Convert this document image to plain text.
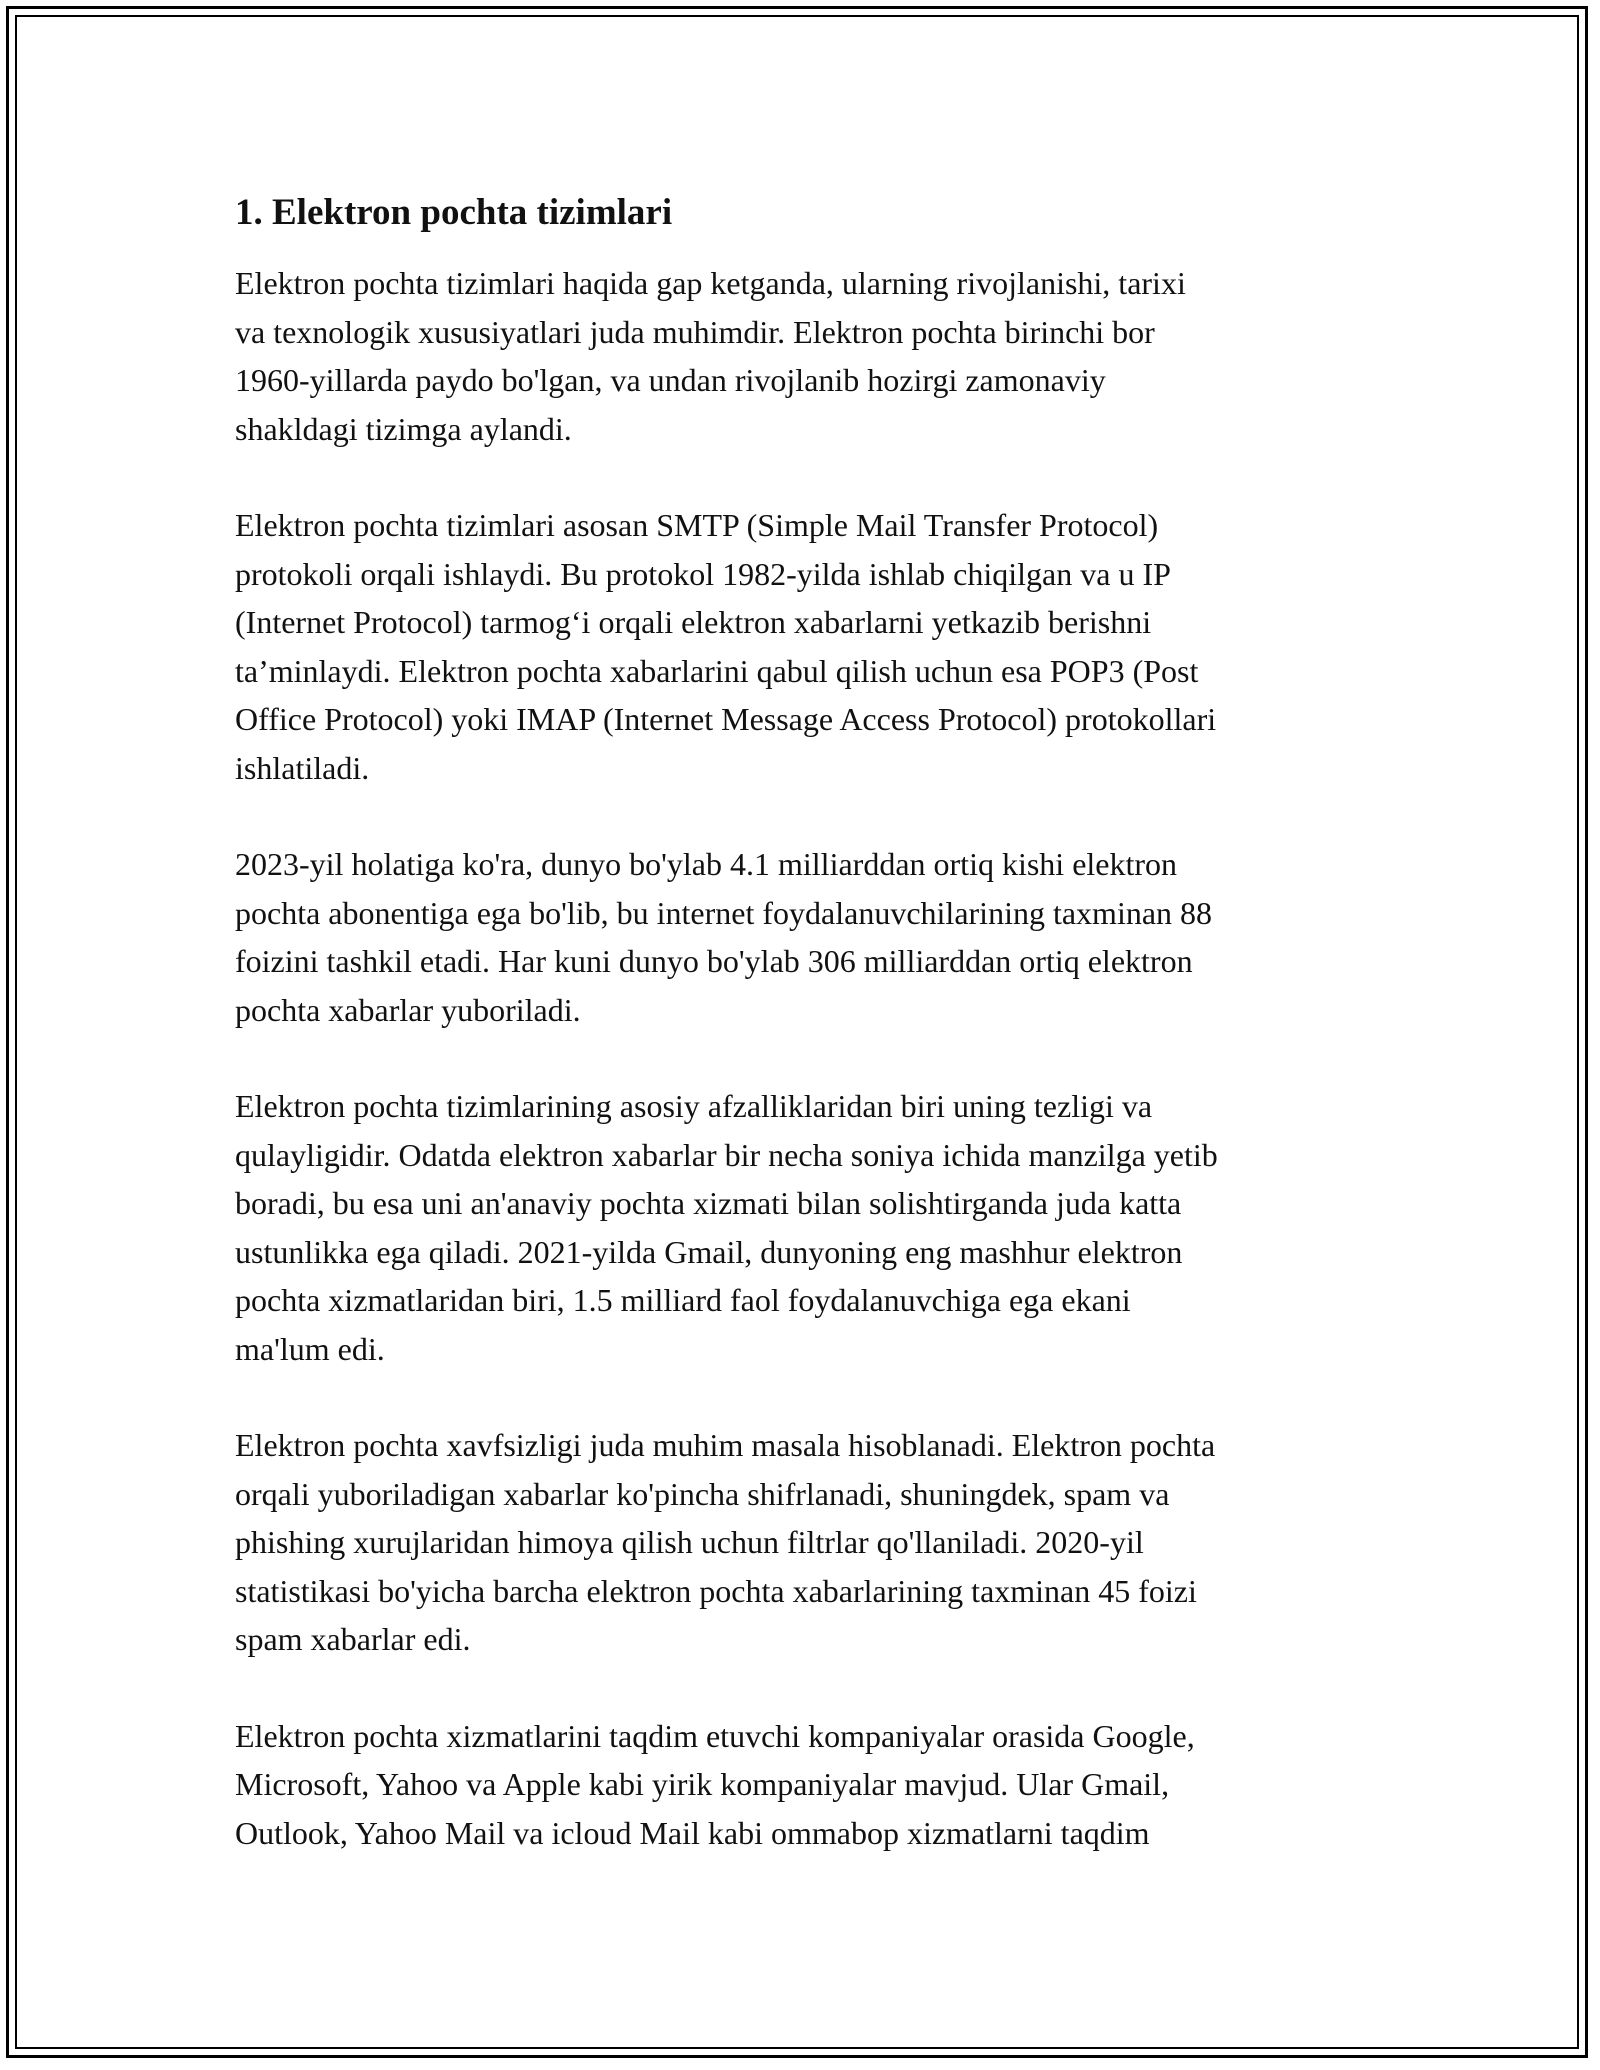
1. Elektron pochta tizimlari

Elektron pochta tizimlari haqida gap ketganda, ularning rivojlanishi, tarixi
va texnologik xususiyatlari juda muhimdir. Elektron pochta birinchi bor
1960-yillarda paydo bo'lgan, va undan rivojlanib hozirgi zamonaviy
shakldagi tizimga aylandi.

Elektron pochta tizimlari asosan SMTP (Simple Mail Transfer Protocol)
protokoli orqali ishlaydi. Bu protokol 1982-yilda ishlab chiqilgan va u IP
(Internet Protocol) tarmog‘i orqali elektron xabarlarni yetkazib berishni
ta’minlaydi. Elektron pochta xabarlarini qabul qilish uchun esa POP3 (Post
Office Protocol) yoki IMAP (Internet Message Access Protocol) protokollari
ishlatiladi.

2023-yil holatiga ko'ra, dunyo bo'ylab 4.1 milliarddan ortiq kishi elektron
pochta abonentiga ega bo'lib, bu internet foydalanuvchilarining taxminan 88
foizini tashkil etadi. Har kuni dunyo bo'ylab 306 milliarddan ortiq elektron
pochta xabarlar yuboriladi.

Elektron pochta tizimlarining asosiy afzalliklaridan biri uning tezligi va
qulayligidir. Odatda elektron xabarlar bir necha soniya ichida manzilga yetib
boradi, bu esa uni an'anaviy pochta xizmati bilan solishtirganda juda katta
ustunlikka ega qiladi. 2021-yilda Gmail, dunyoning eng mashhur elektron
pochta xizmatlaridan biri, 1.5 milliard faol foydalanuvchiga ega ekani
ma'lum edi.

Elektron pochta xavfsizligi juda muhim masala hisoblanadi. Elektron pochta
orqali yuboriladigan xabarlar ko'pincha shifrlanadi, shuningdek, spam va
phishing xurujlaridan himoya qilish uchun filtrlar qo'llaniladi. 2020-yil
statistikasi bo'yicha barcha elektron pochta xabarlarining taxminan 45 foizi
spam xabarlar edi.

Elektron pochta xizmatlarini taqdim etuvchi kompaniyalar orasida Google,
Microsoft, Yahoo va Apple kabi yirik kompaniyalar mavjud. Ular Gmail,
Outlook, Yahoo Mail va icloud Mail kabi ommabop xizmatlarni taqdim
